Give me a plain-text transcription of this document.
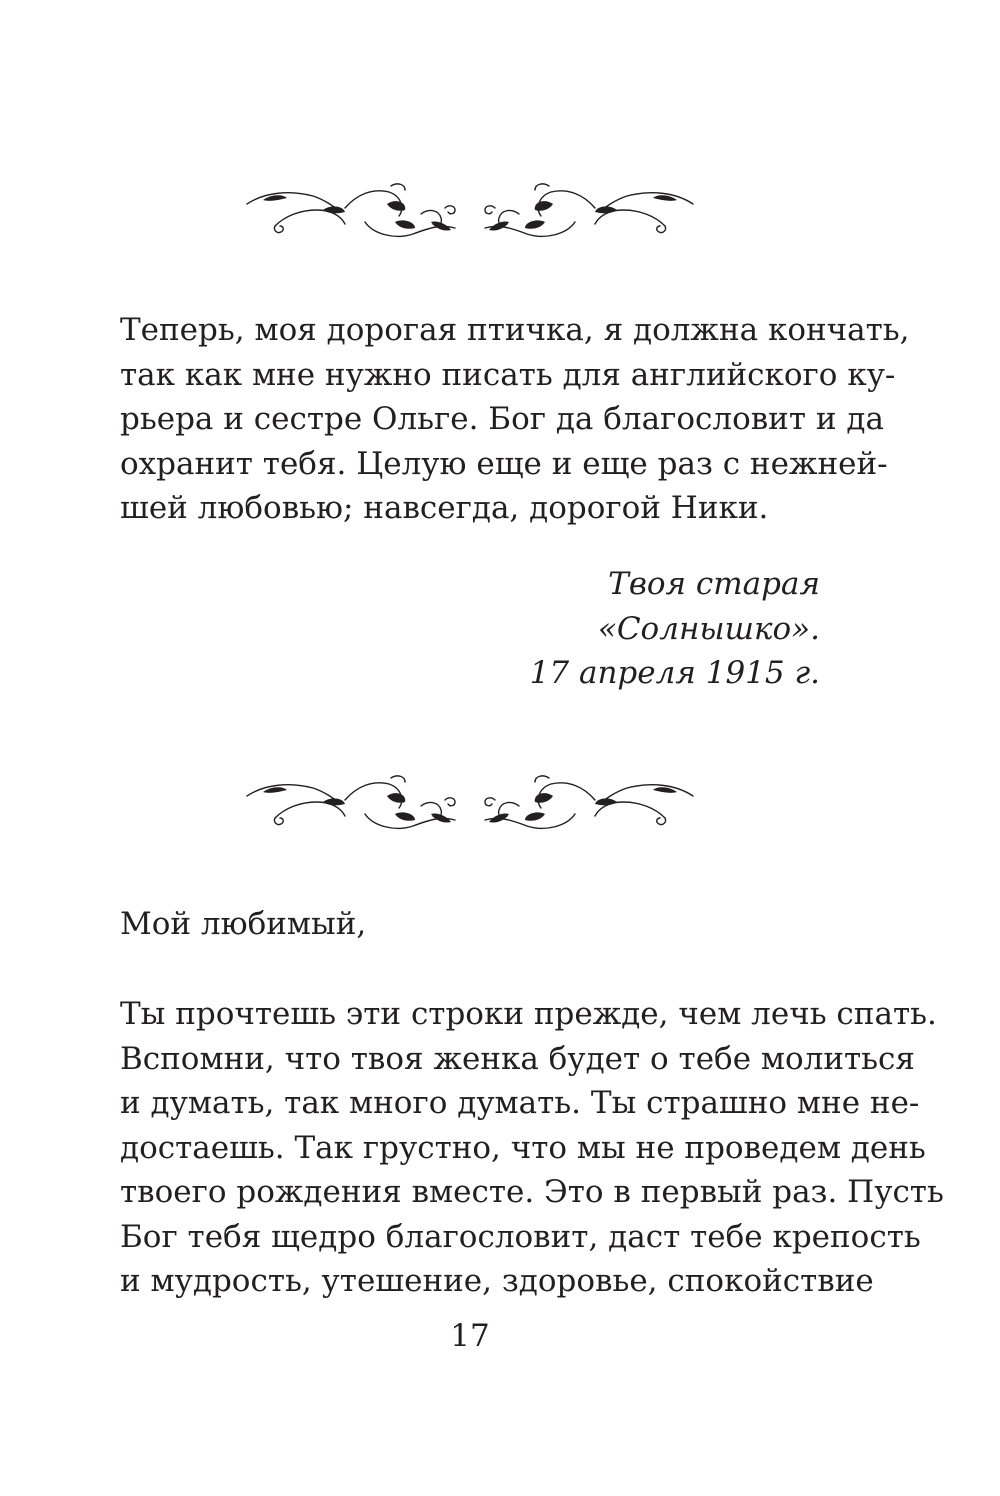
Теперь, моя дорогая птичка, я должна кончать,
так как мне нужно писать для английского ку-
рьера и сестре Ольге. Бог да благословит и да
охранит тебя. Целую еще и еще раз с нежней-
шей любовью; навсегда, дорогой Ники.
Твоя старая
«Солнышко».
17 апреля 1915 г.
Мой любимый,
Ты прочтешь эти строки прежде, чем лечь спать.
Вспомни, что твоя женка будет о тебе молиться
и думать, так много думать. Ты страшно мне не-
достаешь. Так грустно, что мы не проведем день
твоего рождения вместе. Это в первый раз. Пусть
Бог тебя щедро благословит, даст тебе крепость
и мудрость, утешение, здоровье, спокойствие
17
